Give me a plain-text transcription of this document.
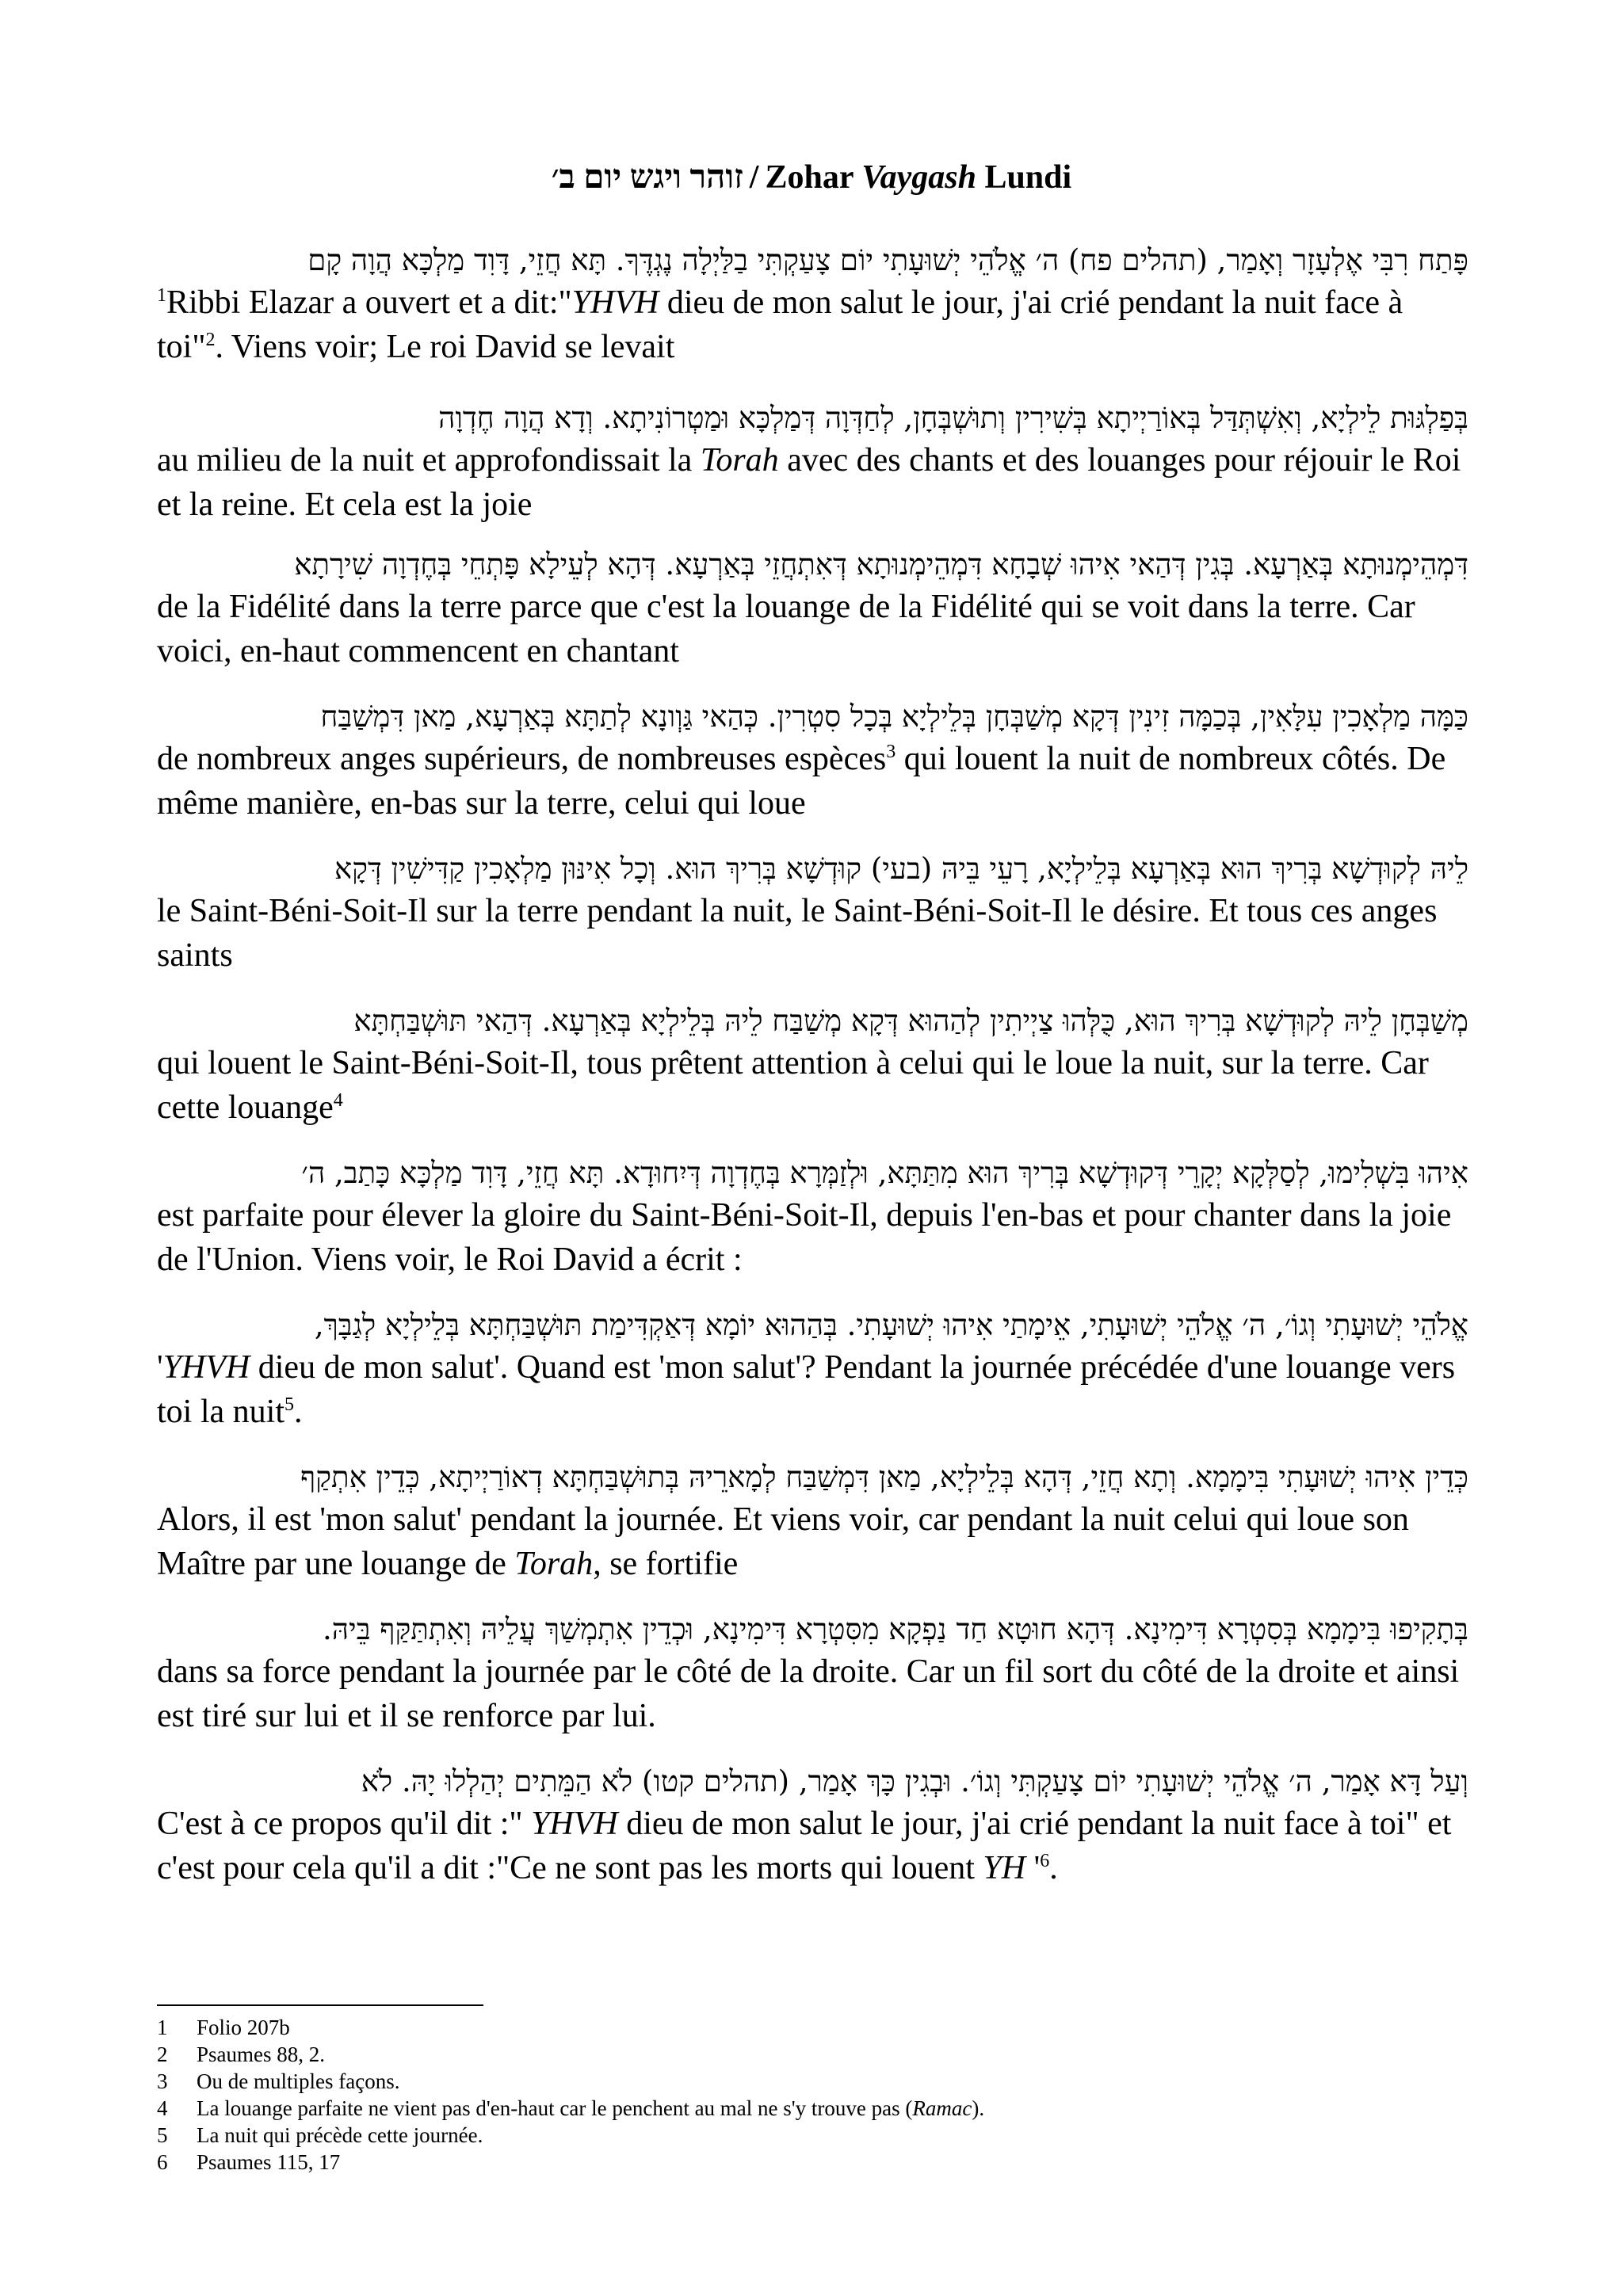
זוהר ויגש יום ב׳ / Zohar Vaygash Lundi
פָּתַח רִבִּי אֶלְעָזָר וְאָמַר, (תהלים פח) ה׳ אֱלֹהֵי יְשׁוּעָתִי יוֹם צָעַקְתִּי בַלַּיְלָה נֶגְדֶּךָ. תָּא חֲזֵי, דָּוִד מַלְכָּא הֲוָה קָם
$^1$Ribbi Elazar a ouvert et a dit:"YHVH dieu de mon salut le jour, j'ai crié pendant la nuit face à toi"$^2$. Viens voir; Le roi David se levait
בְּפַלְגּוּת לֵילְיָא, וְאִשְׁתְּדַּל בְּאוֹרַיְיתָא בְּשִׁירִין וְתוּשְׁבְּחָן, לְחַדְּוָה דְּמַלְכָּא וּמַטְרוֹנִיתָא. וְדָא הֲוָה חֶדְוָה
au milieu de la nuit et approfondissait la Torah avec des chants et des louanges pour réjouir le Roi et la reine. Et cela est la joie
דִּמְהֵימְנוּתָא בְּאַרְעָא. בְּגִין דְּהַאי אִיהוּ שְׁבָחָא דִּמְהֵימְנוּתָא דְּאִתְחֲזֵי בְּאַרְעָא. דְּהָא לְעֵילָא פָּתְחֵי בְּחֶדְוָה שִׁירָתָא
de la Fidélité dans la terre parce que c'est la louange de la Fidélité qui se voit dans la terre. Car voici, en-haut commencent en chantant
כַּמָּה מַלְאָכִין עִלָּאִין, בְּכַמָּה זִינִין דְּקָא מְשַׁבְּחָן בְּלֵילְיָא בְּכָל סִטְרִין. כְּהַאי גַּוְונָא לְתַתָּא בְּאַרְעָא, מַאן דִּמְשַׁבַּח
de nombreux anges supérieurs, de nombreuses espèces$^3$ qui louent la nuit de nombreux côtés. De même manière, en-bas sur la terre, celui qui loue
לֵיהּ לְקוּדְשָׁא בְּרִיךְ הוּא בְּאַרְעָא בְּלֵילְיָא, רָעֵי בֵּיהּ (בעי) קוּדְשָׁא בְּרִיךְ הוּא. וְכָל אִינּוּן מַלְאָכִין קַדִּישִׁין דְּקָא
le Saint-Béni-Soit-Il sur la terre pendant la nuit, le Saint-Béni-Soit-Il le désire. Et tous ces anges saints
מְשַׁבְּחָן לֵיהּ לְקוּדְשָׁא בְּרִיךְ הוּא, כֻּלְּהוּ צַיְיתִין לְהַהוּא דְּקָא מְשַׁבַּח לֵיהּ בְּלֵילְיָא בְּאַרְעָא. דְּהַאי תּוּשְׁבַּחְתָּא
qui louent le Saint-Béni-Soit-Il, tous prêtent attention à celui qui le loue la nuit, sur la terre. Car cette louange$^4$
אִיהוּ בִּשְׁלִימוּ, לְסַלְּקָא יְקָרֵי דְּקוּדְשָׁא בְּרִיךְ הוּא מִתַּתָּא, וּלְזַמְּרָא בְּחֶדְוָה דְּיִחוּדָא. תָּא חֲזֵי, דָּוִד מַלְכָּא כָּתַב, ה׳
est parfaite pour élever la gloire du Saint-Béni-Soit-Il, depuis l'en-bas et pour chanter dans la joie de l'Union. Viens voir, le Roi David a écrit :
אֱלֹהֵי יְשׁוּעָתִי וְגוֹ׳, ה׳ אֱלֹהֵי יְשׁוּעָתִי, אֵימָתַי אִיהוּ יְשׁוּעָתִי. בְּהַהוּא יוֹמָא דְּאַקְדִּימַת תּוּשְׁבַּחְתָּא בְּלֵילְיָא לְגַבָּךְ,
'YHVH dieu de mon salut'. Quand est 'mon salut'? Pendant la journée précédée d'une louange vers toi la nuit$^5$.
כְּדֵין אִיהוּ יְשׁוּעָתִי בִּימָמָא. וְתָא חֲזֵי, דְּהָא בְּלֵילְיָא, מַאן דִּמְשַׁבַּח לְמָארֵיהּ בְּתוּשְׁבַּחְתָּא דְאוֹרַיְיתָא, כְּדֵין אִתְקַף
Alors, il est 'mon salut' pendant la journée. Et viens voir, car pendant la nuit celui qui loue son Maître par une louange de Torah, se fortifie
בְּתָקִיפוּ בִּימָמָא בְּסִטְרָא דִּימִינָא. דְּהָא חוּטָא חַד נַפְקָא מִסִּטְרָא דִּימִינָא, וּכְדֵין אִתְמְשַׁךְ עֲלֵיהּ וְאִתְתַּקַּף בֵּיהּ.
dans sa force pendant la journée par le côté de la droite. Car un fil sort du côté de la droite et ainsi est tiré sur lui et il se renforce par lui.
וְעַל דָּא אָמַר, ה׳ אֱלֹהֵי יְשׁוּעָתִי יוֹם צָעַקְתִּי וְגוֹ׳. וּבְגִין כָּךְ אָמַר, (תהלים קטו) לֹא הַמֵּתִים יְהַלְלוּ יָהּ. לֹא
C'est à ce propos qu'il dit :" YHVH dieu de mon salut le jour, j'ai crié pendant la nuit face à toi" et c'est pour cela qu'il a dit :"Ce ne sont pas les morts qui louent YH '$^6$.
1	Folio 207b
2	Psaumes 88, 2.
3	Ou de multiples façons.
4	La louange parfaite ne vient pas d'en-haut car le penchent au mal ne s'y trouve pas (Ramac).
5	La nuit qui précède cette journée.
6	Psaumes 115, 17
